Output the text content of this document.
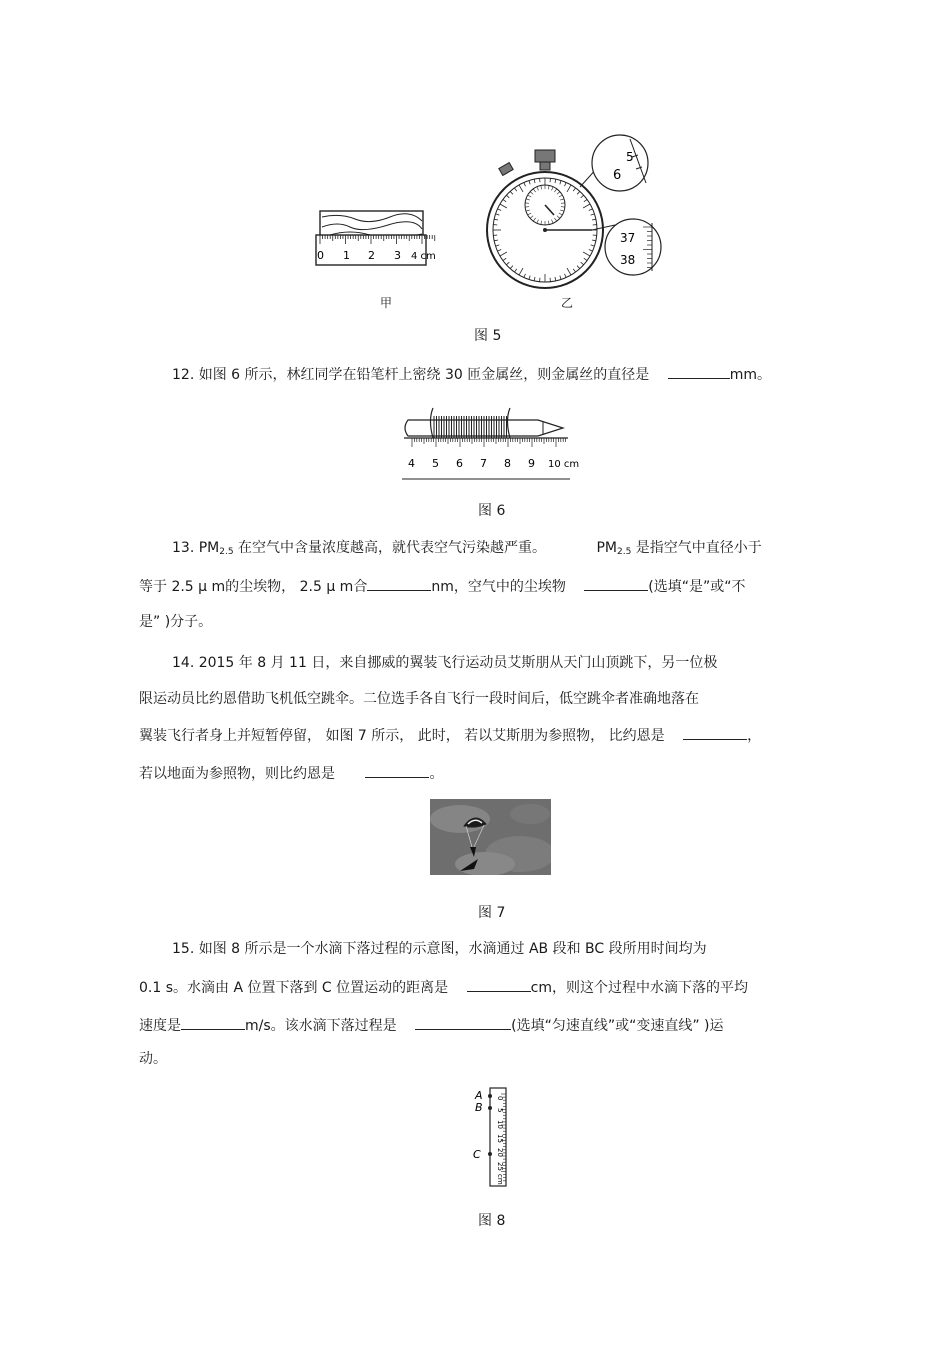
0 1 2 3 4 cm
甲
5
6
37
38
乙
图 5
12. 如图 6 所示，林红同学在铅笔杆上密绕 30 匝金属丝，则金属丝的直径是	mm。
4 5 6 7 8 9 10 cm
图 6
13. $PM_{2.5}$ 在空气中含量浓度越高，就代表空气污染越严重。	$PM_{2.5}$ 是指空气中直径小于
等于 2.5 μ m的尘埃物， 2.5 μ m合	nm，空气中的尘埃物	(选填“是”或“不
是” )分子。
14. 2015 年 8 月 11 日，来自挪威的翼装飞行运动员艾斯朋从天门山顶跳下，另一位极
限运动员比约恩借助飞机低空跳伞。二位选手各自飞行一段时间后，低空跳伞者准确地落在
翼装飞行者身上并短暂停留， 如图 7 所示， 此时， 若以艾斯朋为参照物， 比约恩是	，
若以地面为参照物，则比约恩是	。
图 7
15. 如图 8 所示是一个水滴下落过程的示意图，水滴通过 AB 段和 BC 段所用时间均为
0.1 s。水滴由 A 位置下落到 C 位置运动的距离是	cm，则这个过程中水滴下落的平均
速度是	m/s。该水滴下落过程是	(选填“匀速直线”或“变速直线” )运
动。
A
B
C
0
5
10
15
20
25
cm
图 8
